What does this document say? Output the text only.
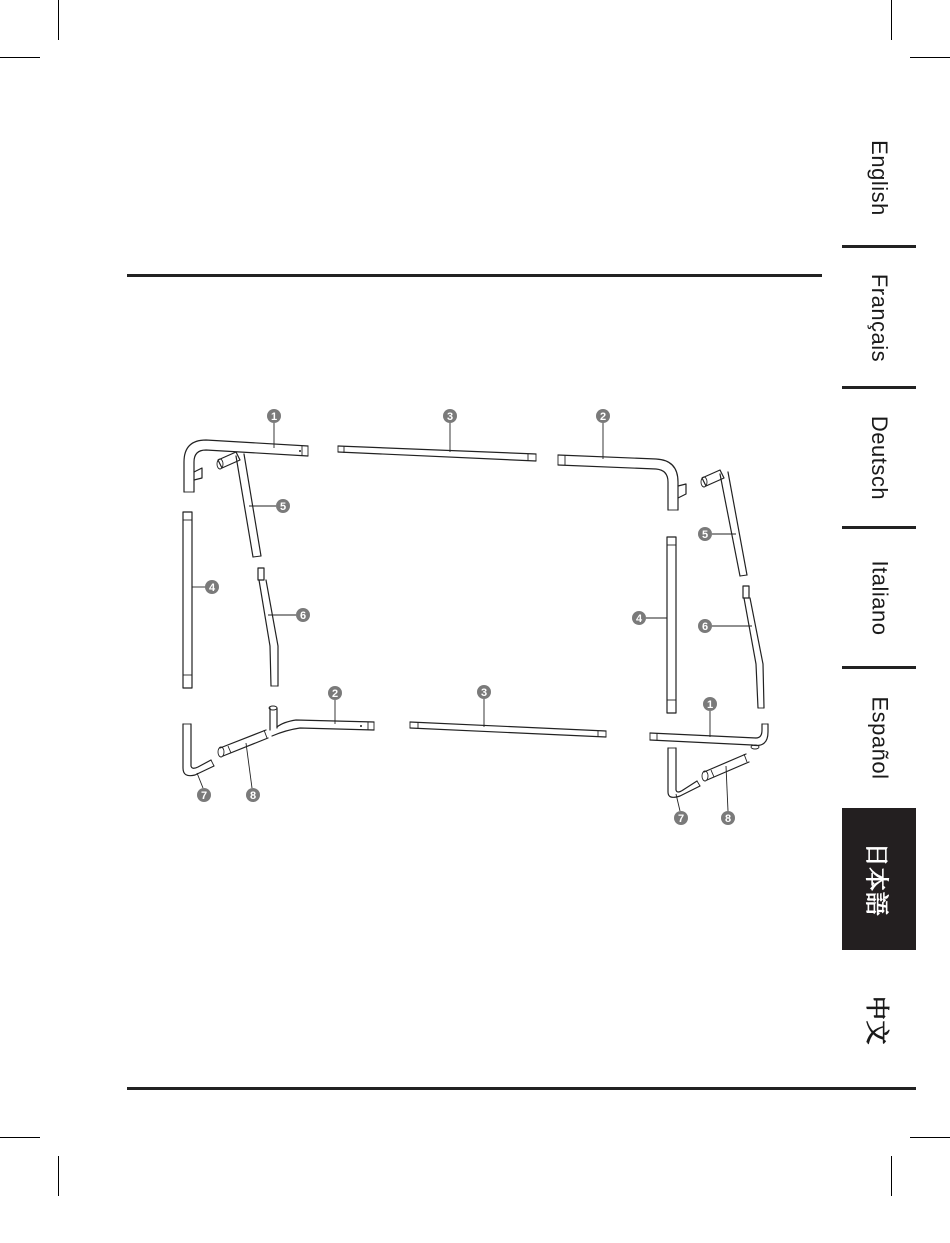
English
Français
Deutsch
Italiano
Español
日本語
中文
1	3	2
5
4
6
5
4
6
2	3
1
7	8
7	8
